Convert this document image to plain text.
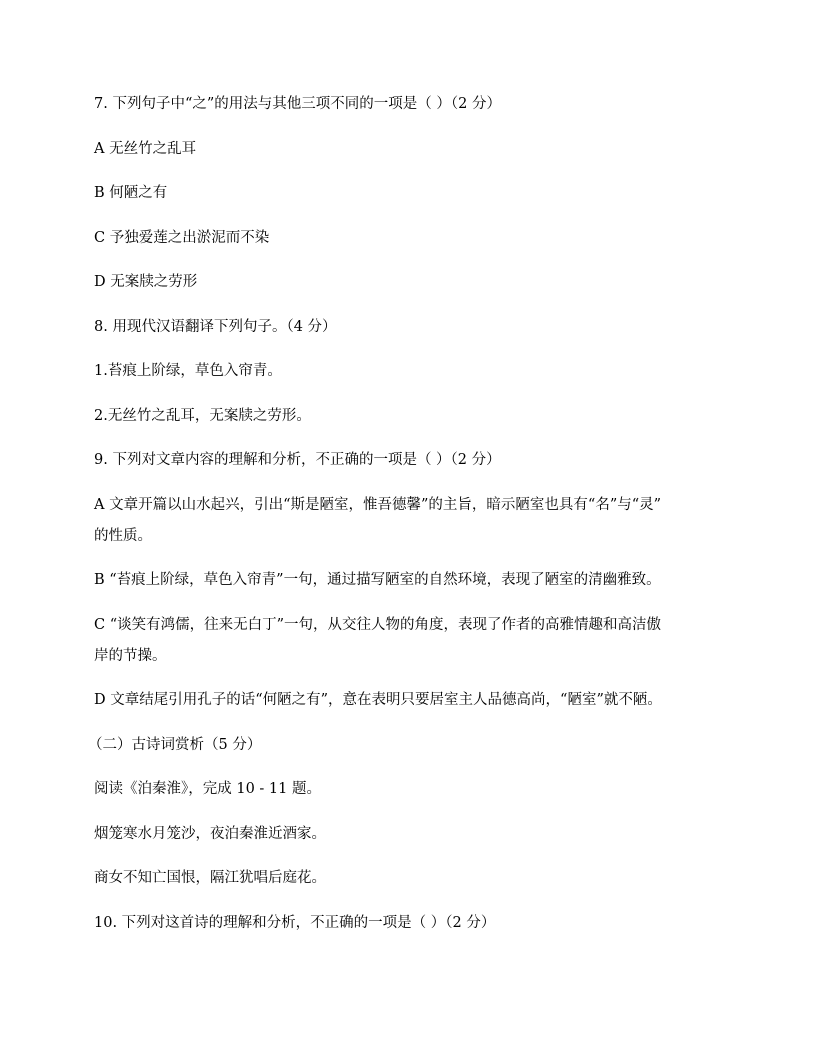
7. 下列句子中“之”的用法与其他三项不同的一项是（ ）（2 分）

A 无丝竹之乱耳

B 何陋之有

C 予独爱莲之出淤泥而不染

D 无案牍之劳形

8. 用现代汉语翻译下列句子。（4 分）

1.苔痕上阶绿，草色入帘青。

2.无丝竹之乱耳，无案牍之劳形。

9. 下列对文章内容的理解和分析，不正确的一项是（ ）（2 分）

A 文章开篇以山水起兴，引出“斯是陋室，惟吾德馨”的主旨，暗示陋室也具有“名”与“灵”

的性质。

B “苔痕上阶绿，草色入帘青”一句，通过描写陋室的自然环境，表现了陋室的清幽雅致。

C “谈笑有鸿儒，往来无白丁”一句，从交往人物的角度，表现了作者的高雅情趣和高洁傲

岸的节操。

D 文章结尾引用孔子的话“何陋之有”，意在表明只要居室主人品德高尚，“陋室”就不陋。

（二）古诗词赏析（5 分）

阅读《泊秦淮》，完成 10 - 11 题。

烟笼寒水月笼沙，夜泊秦淮近酒家。

商女不知亡国恨，隔江犹唱后庭花。

10. 下列对这首诗的理解和分析，不正确的一项是（ ）（2 分）
